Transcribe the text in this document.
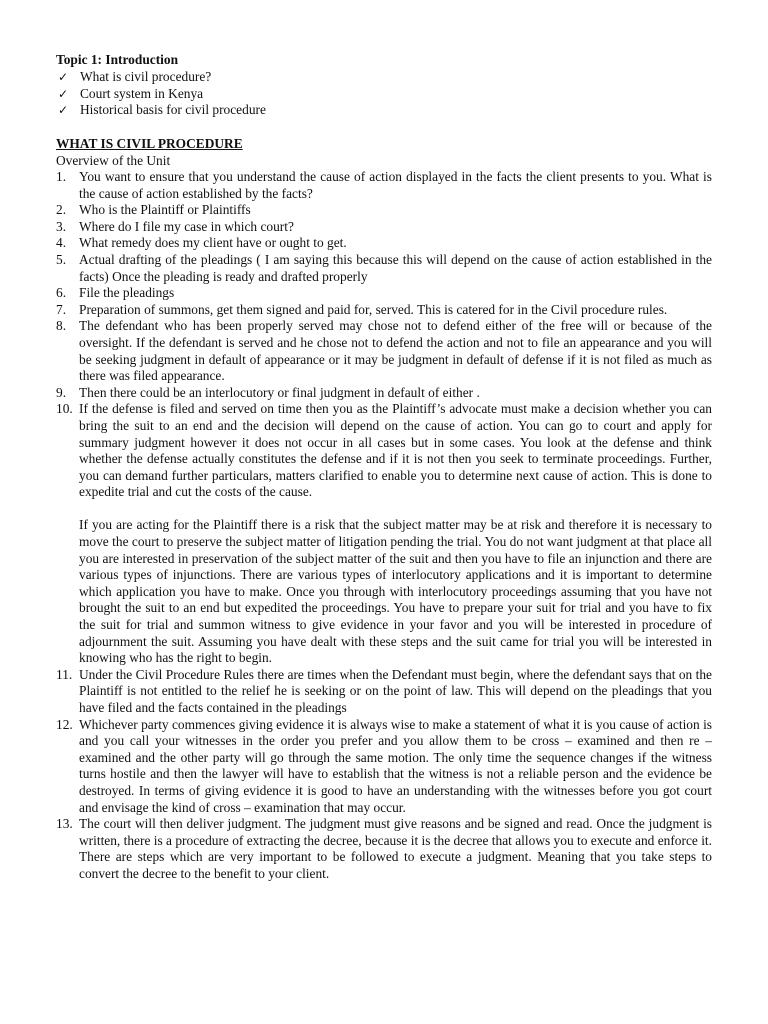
Topic 1: Introduction
✓ What is civil procedure?
✓ Court system in Kenya
✓ Historical basis for civil procedure
WHAT IS CIVIL PROCEDURE
Overview of the Unit
1. You want to ensure that you understand the cause of action displayed in the facts the client presents to you. What is the cause of action established by the facts?

2. Who is the Plaintiff or Plaintiffs

3. Where do I file my case in which court?

4. What remedy does my client have or ought to get.

5. Actual drafting of the pleadings ( I am saying this because this will depend on the cause of action established in the facts) Once the pleading is ready and drafted properly

6. File the pleadings

7. Preparation of summons, get them signed and paid for, served. This is catered for in the Civil procedure rules.

8. The defendant who has been properly served may chose not to defend either of the free will or because of the oversight. If the defendant is served and he chose not to defend the action and not to file an appearance and you will be seeking judgment in default of appearance or it may be judgment in default of defense if it is not filed as much as there was filed appearance.

9. Then there could be an interlocutory or final judgment in default of either .

10. If the defense is filed and served on time then you as the Plaintiff’s advocate must make a decision whether you can bring the suit to an end and the decision will depend on the cause of action. You can go to court and apply for summary judgment however it does not occur in all cases but in some cases. You look at the defense and think whether the defense actually constitutes the defense and if it is not then you seek to terminate proceedings. Further, you can demand further particulars, matters clarified to enable you to determine next cause of action. This is done to expedite trial and cut the costs of the cause.

If you are acting for the Plaintiff there is a risk that the subject matter may be at risk and therefore it is necessary to move the court to preserve the subject matter of litigation pending the trial. You do not want judgment at that place all you are interested in preservation of the subject matter of the suit and then you have to file an injunction and there are various types of injunctions. There are various types of interlocutory applications and it is important to determine which application you have to make. Once you through with interlocutory proceedings assuming that you have not brought the suit to an end but expedited the proceedings. You have to prepare your suit for trial and you have to fix the suit for trial and summon witness to give evidence in your favor and you will be interested in procedure of adjournment the suit. Assuming you have dealt with these steps and the suit came for trial you will be interested in knowing who has the right to begin.

11. Under the Civil Procedure Rules there are times when the Defendant must begin, where the defendant says that on the Plaintiff is not entitled to the relief he is seeking or on the point of law. This will depend on the pleadings that you have filed and the facts contained in the pleadings

12. Whichever party commences giving evidence it is always wise to make a statement of what it is you cause of action is and you call your witnesses in the order you prefer and you allow them to be cross – examined and then re – examined and the other party will go through the same motion. The only time the sequence changes if the witness turns hostile and then the lawyer will have to establish that the witness is not a reliable person and the evidence be destroyed. In terms of giving evidence it is good to have an understanding with the witnesses before you got court and envisage the kind of cross – examination that may occur.

13. The court will then deliver judgment. The judgment must give reasons and be signed and read. Once the judgment is written, there is a procedure of extracting the decree, because it is the decree that allows you to execute and enforce it. There are steps which are very important to be followed to execute a judgment. Meaning that you take steps to convert the decree to the benefit to your client.
